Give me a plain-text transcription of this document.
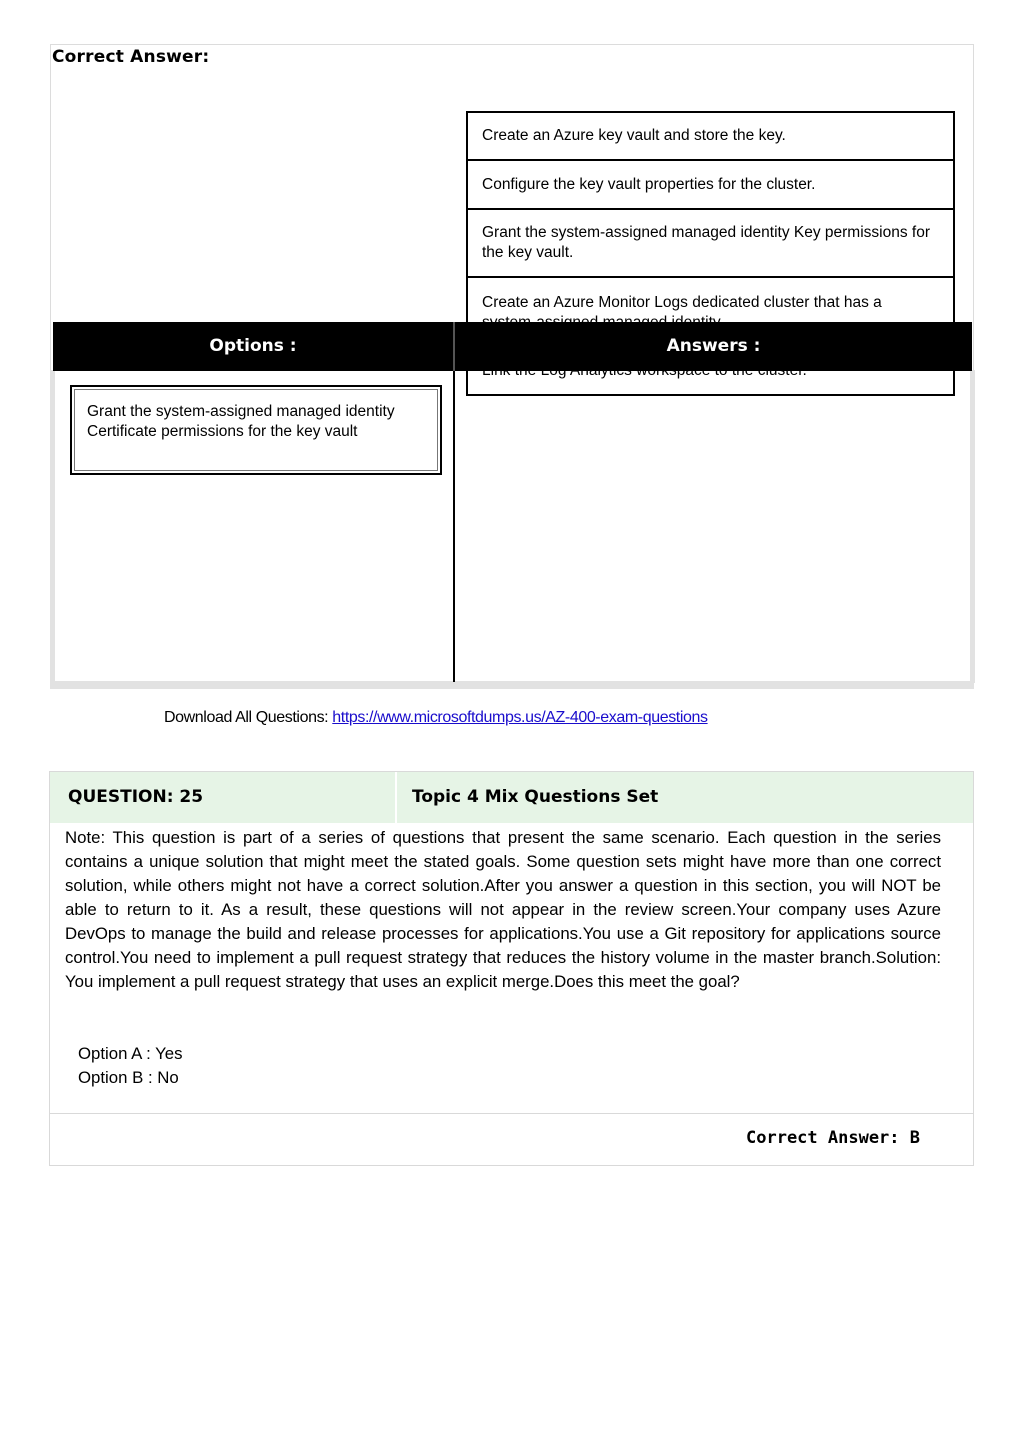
Correct Answer:
Create an Azure key vault and store the key.
Configure the key vault properties for the cluster.
Grant the system-assigned managed identity Key permissions for the key vault.
Create an Azure Monitor Logs dedicated cluster that has a
Options :	Answers :
Grant the system-assigned managed identity Certificate permissions for the key vault
Download All Questions: https://www.microsoftdumps.us/AZ-400-exam-questions
QUESTION: 25	Topic 4 Mix Questions Set
Note: This question is part of a series of questions that present the same scenario. Each question in the series contains a unique solution that might meet the stated goals. Some question sets might have more than one correct solution, while others might not have a correct solution.After you answer a question in this section, you will NOT be able to return to it. As a result, these questions will not appear in the review screen.Your company uses Azure DevOps to manage the build and release processes for applications.You use a Git repository for applications source control.You need to implement a pull request strategy that reduces the history volume in the master branch.Solution: You implement a pull request strategy that uses an explicit merge.Does this meet the goal?
Option A : Yes
Option B : No
Correct Answer: B
